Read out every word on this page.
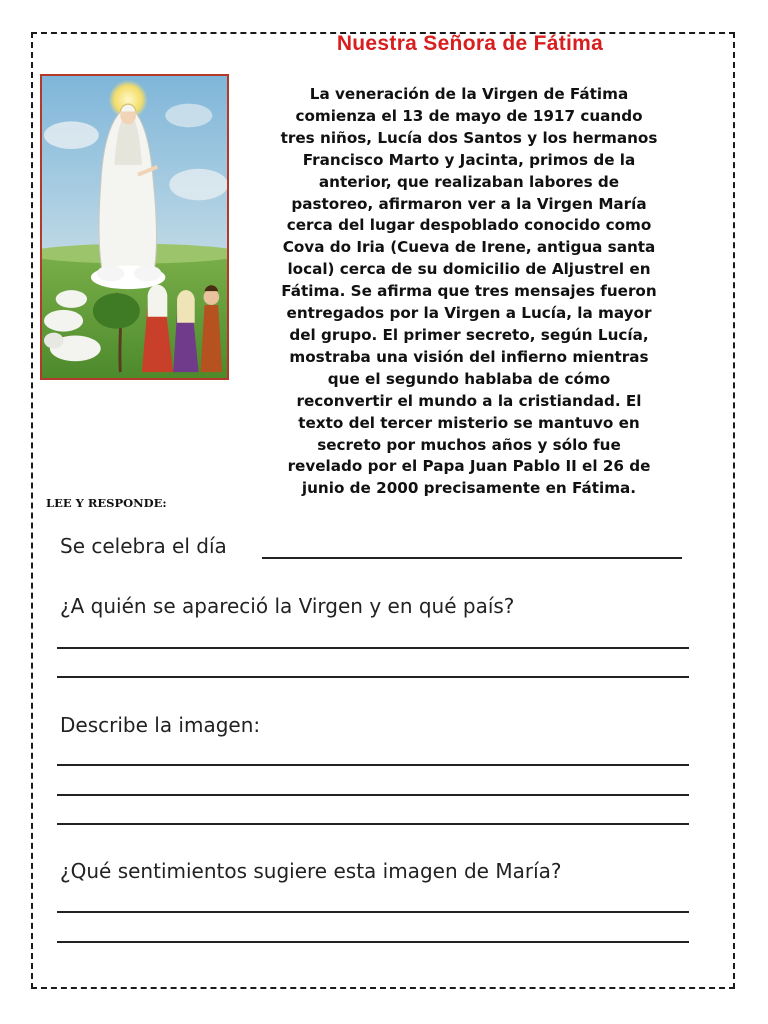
Nuestra Señora de Fátima
La veneración de la Virgen de Fátima
comienza el 13 de mayo de 1917 cuando
tres niños, Lucía dos Santos y los hermanos
Francisco Marto y Jacinta, primos de la
anterior, que realizaban labores de
pastoreo, afirmaron ver a la Virgen María
cerca del lugar despoblado conocido como
Cova do Iria (Cueva de Irene, antigua santa
local) cerca de su domicilio de Aljustrel en
Fátima. Se afirma que tres mensajes fueron
entregados por la Virgen a Lucía, la mayor
del grupo. El primer secreto, según Lucía,
mostraba una visión del infierno mientras
que el segundo hablaba de cómo
reconvertir el mundo a la cristiandad. El
texto del tercer misterio se mantuvo en
secreto por muchos años y sólo fue
revelado por el Papa Juan Pablo II el 26 de
junio de 2000 precisamente en Fátima.
LEE Y RESPONDE:
Se celebra el día
¿A quién se apareció la Virgen y en qué país?
Describe la imagen:
¿Qué sentimientos sugiere esta imagen de María?
